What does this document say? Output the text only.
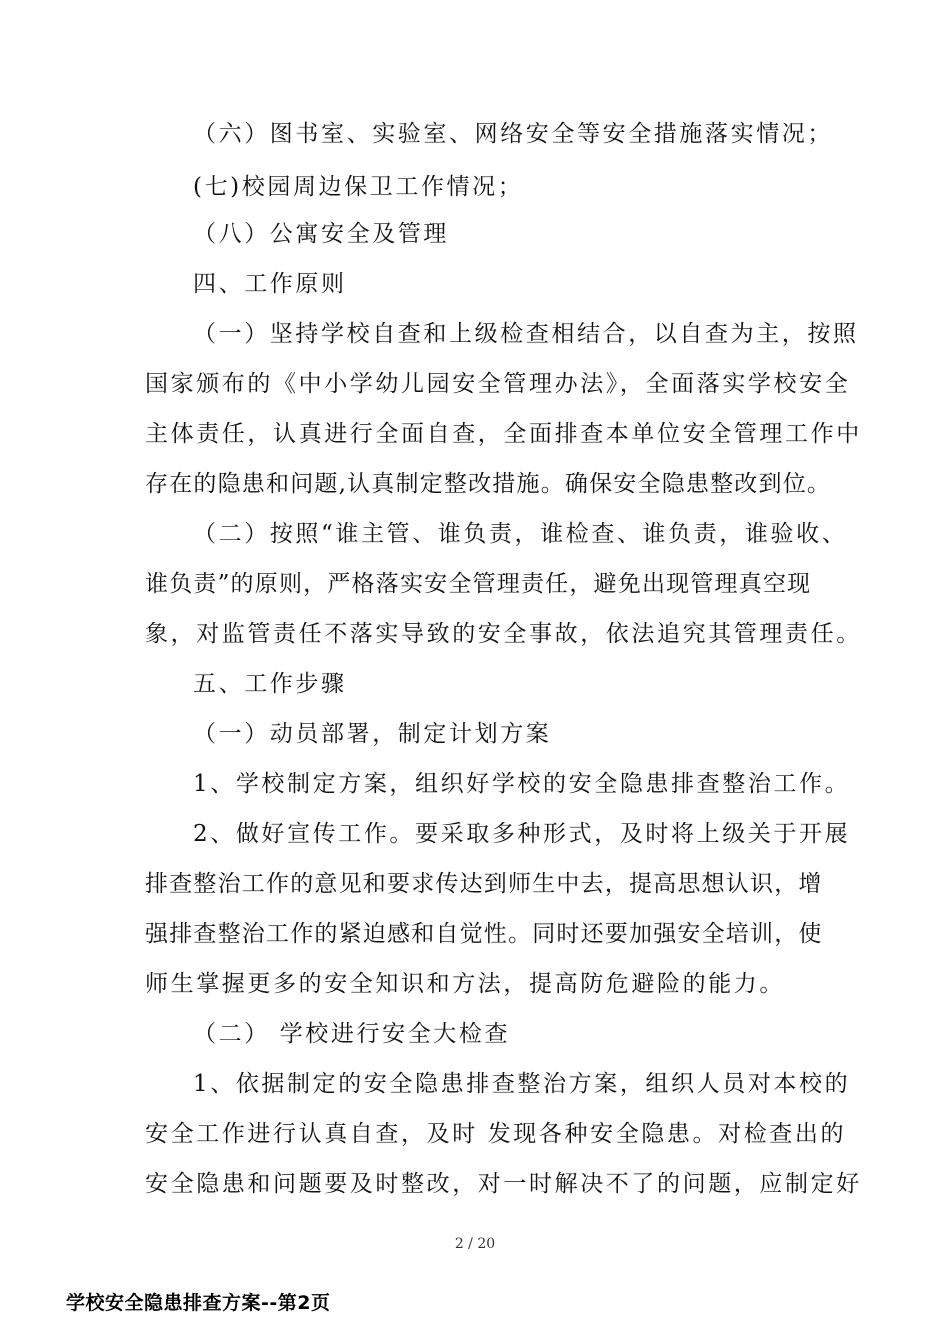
（六）图书室、实验室、网络安全等安全措施落实情况；
(七)校园周边保卫工作情况；
（八）公寓安全及管理
四、工作原则
（一）坚持学校自查和上级检查相结合，以自查为主，按照
国家颁布的《中小学幼儿园安全管理办法》，全面落实学校安全
主体责任，认真进行全面自查，全面排查本单位安全管理工作中
存在的隐患和问题,认真制定整改措施。确保安全隐患整改到位。
（二）按照“谁主管、谁负责，谁检查、谁负责，谁验收、
谁负责”的原则，严格落实安全管理责任，避免出现管理真空现
象，对监管责任不落实导致的安全事故，依法追究其管理责任。
五、工作步骤
（一）动员部署，制定计划方案
1、学校制定方案，组织好学校的安全隐患排查整治工作。
2、做好宣传工作。要采取多种形式，及时将上级关于开展
排查整治工作的意见和要求传达到师生中去，提高思想认识，增
强排查整治工作的紧迫感和自觉性。同时还要加强安全培训，使
师生掌握更多的安全知识和方法，提高防危避险的能力。
（二） 学校进行安全大检查
1、依据制定的安全隐患排查整治方案，组织人员对本校的
安全工作进行认真自查，及时 发现各种安全隐患。对检查出的
安全隐患和问题要及时整改，对一时解决不了的问题，应制定好
2 / 20
学校安全隐患排查方案--第2页
